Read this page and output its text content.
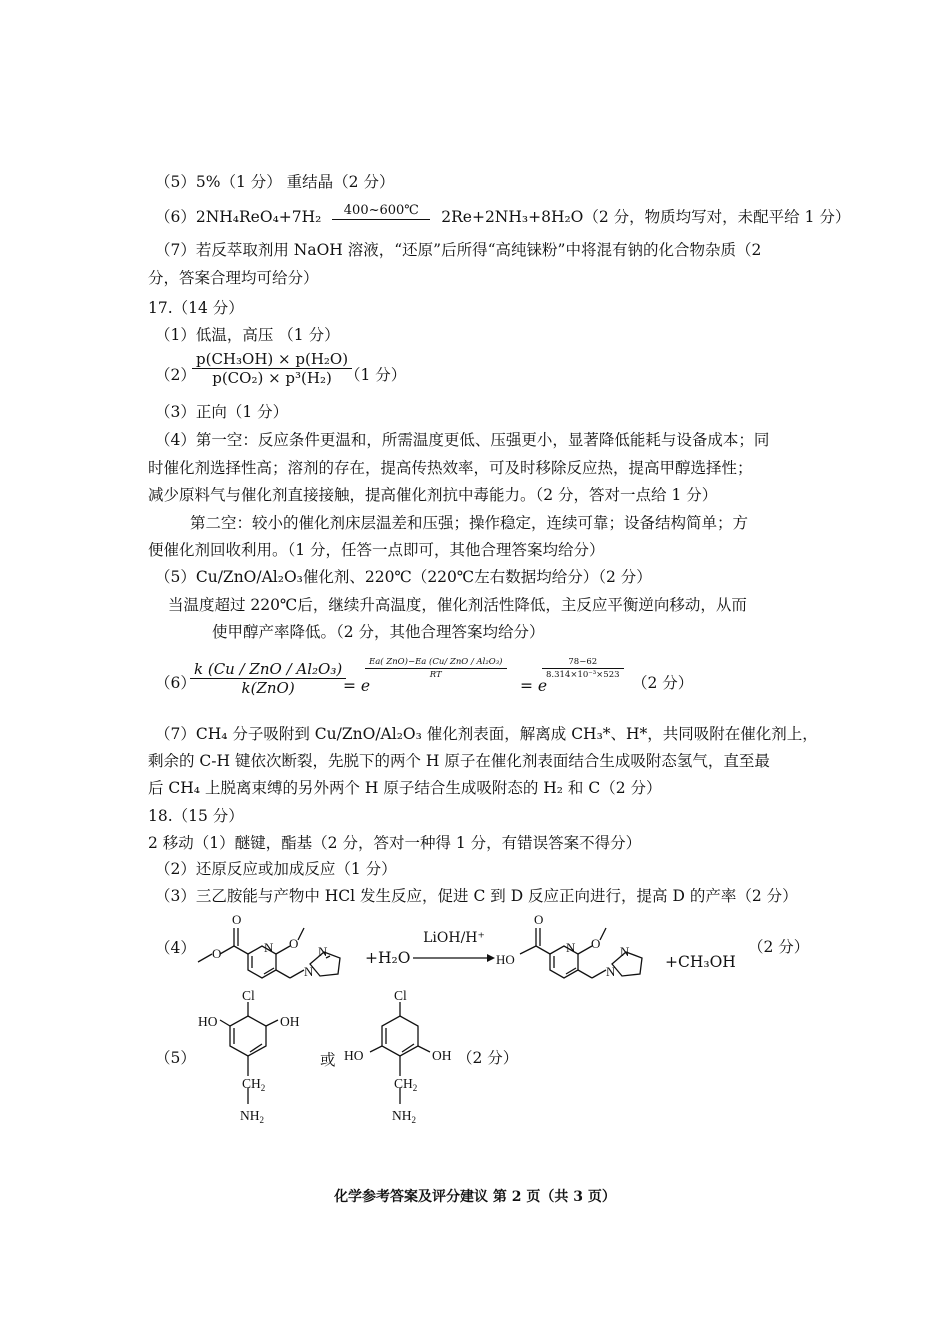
（5）5%（1 分） 重结晶（2 分）
（6）2NH₄ReO₄+7H₂	400~600℃	2Re+2NH₃+8H₂O（2 分，物质均写对，未配平给 1 分）
（7）若反萃取剂用 NaOH 溶液，“还原”后所得“高纯铼粉”中将混有钠的化合物杂质（2
分，答案合理均可给分）
17.（14 分）
（1）低温，高压 （1 分）
（2）
$\frac{\text{p(CH₃OH) × p(H₂O)}}{\text{p(CO₂) × p³(H₂)}}$
（1 分）
（3）正向（1 分）
（4）第一空：反应条件更温和，所需温度更低、压强更小，显著降低能耗与设备成本；同
时催化剂选择性高；溶剂的存在，提高传热效率，可及时移除反应热，提高甲醇选择性；
减少原料气与催化剂直接接触，提高催化剂抗中毒能力。（2 分，答对一点给 1 分）
第二空：较小的催化剂床层温差和压强；操作稳定，连续可靠；设备结构简单；方
便催化剂回收利用。（1 分，任答一点即可，其他合理答案均给分）
（5）Cu/ZnO/Al₂O₃催化剂、220℃（220℃左右数据均给分）（2 分）
当温度超过 220℃后，继续升高温度，催化剂活性降低，主反应平衡逆向移动，从而
使甲醇产率降低。（2 分，其他合理答案均给分）
（6）
k (Cu / ZnO / Al₂O₃)
k(ZnO)	= e
Ea( ZnO)−Ea (Cu/ ZnO / Al₂O₃)
RT
= e
$\frac{78-62}{\text{8.314×10⁻³×523}}$
（2 分）
（7）CH₄ 分子吸附到 Cu/ZnO/Al₂O₃ 催化剂表面，解离成 CH₃*、H*，共同吸附在催化剂上，
剩余的 C-H 键依次断裂，先脱下的两个 H 原子在催化剂表面结合生成吸附态氢气，直至最
后 CH₄ 上脱离束缚的另外两个 H 原子结合生成吸附态的 H₂ 和 C（2 分）
18.（15 分）
2 移动（1）醚键，酯基（2 分，答对一种得 1 分，有错误答案不得分）
（2）还原反应或加成反应（1 分）
（3）三乙胺能与产物中 HCl 发生反应，促进 C 到 D 反应正向进行，提高 D 的产率（2 分）
（4） O
O
N O
N
N
+H₂O
LiOH/H⁺
HO
O
N O
N
N
+CH₃OH
（2 分）
（5）
Cl
HO	OH
$CH_2$
$NH_2$
或
Cl
HO	OH
$CH_2$
$NH_2$
（2 分）
化学参考答案及评分建议 第 2 页（共 3 页）
